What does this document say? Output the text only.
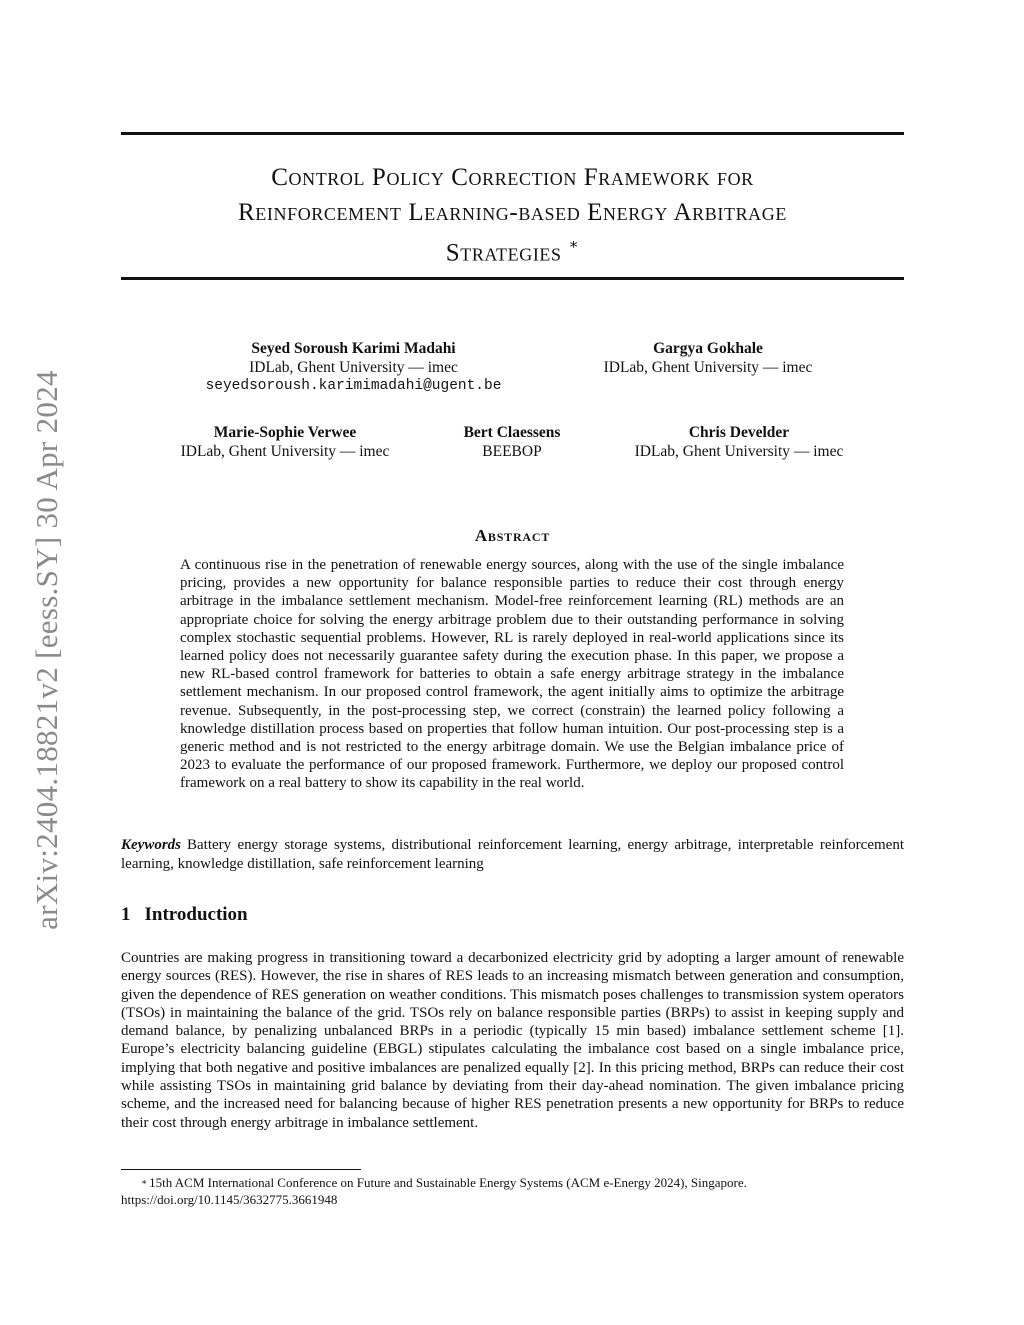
arXiv:2404.18821v2 [eess.SY] 30 Apr 2024

Control Policy Correction Framework for

Reinforcement Learning-based Energy Arbitrage

Strategies ∗

Seyed Soroush Karimi Madahi
IDLab, Ghent University — imec
seyedsoroush.karimimadahi@ugent.be
Gargya Gokhale
IDLab, Ghent University — imec
Marie-Sophie Verwee
IDLab, Ghent University — imec
Bert Claessens
BEEBOP
Chris Develder
IDLab, Ghent University — imec
Abstract

A continuous rise in the penetration of renewable energy sources, along with the use of the single imbalance pricing, provides a new opportunity for balance responsible parties to reduce their cost through energy arbitrage in the imbalance settlement mechanism. Model-free reinforcement learning (RL) methods are an appropriate choice for solving the energy arbitrage problem due to their outstanding performance in solving complex stochastic sequential problems. However, RL is rarely deployed in real-world applications since its learned policy does not necessarily guarantee safety during the execution phase. In this paper, we propose a new RL-based control framework for batteries to obtain a safe energy arbitrage strategy in the imbalance settlement mechanism. In our proposed control framework, the agent initially aims to optimize the arbitrage revenue. Subsequently, in the post-processing step, we correct (constrain) the learned policy following a knowledge distillation process based on properties that follow human intuition. Our post-processing step is a generic method and is not restricted to the energy arbitrage domain. We use the Belgian imbalance price of 2023 to evaluate the performance of our proposed framework. Furthermore, we deploy our proposed control framework on a real battery to show its capability in the real world.

Keywords Battery energy storage systems, distributional reinforcement learning, energy arbitrage, interpretable reinforcement learning, knowledge distillation, safe reinforcement learning

1 Introduction

Countries are making progress in transitioning toward a decarbonized electricity grid by adopting a larger amount of renewable energy sources (RES). However, the rise in shares of RES leads to an increasing mismatch between generation and consumption, given the dependence of RES generation on weather conditions. This mismatch poses challenges to transmission system operators (TSOs) in maintaining the balance of the grid. TSOs rely on balance responsible parties (BRPs) to assist in keeping supply and demand balance, by penalizing unbalanced BRPs in a periodic (typically 15 min based) imbalance settlement scheme [1]. Europe’s electricity balancing guideline (EBGL) stipulates calculating the imbalance cost based on a single imbalance price, implying that both negative and positive imbalances are penalized equally [2]. In this pricing method, BRPs can reduce their cost while assisting TSOs in maintaining grid balance by deviating from their day-ahead nomination. The given imbalance pricing scheme, and the increased need for balancing because of higher RES penetration presents a new opportunity for BRPs to reduce their cost through energy arbitrage in imbalance settlement.

∗ 15th ACM International Conference on Future and Sustainable Energy Systems (ACM e-Energy 2024), Singapore.
https://doi.org/10.1145/3632775.3661948
